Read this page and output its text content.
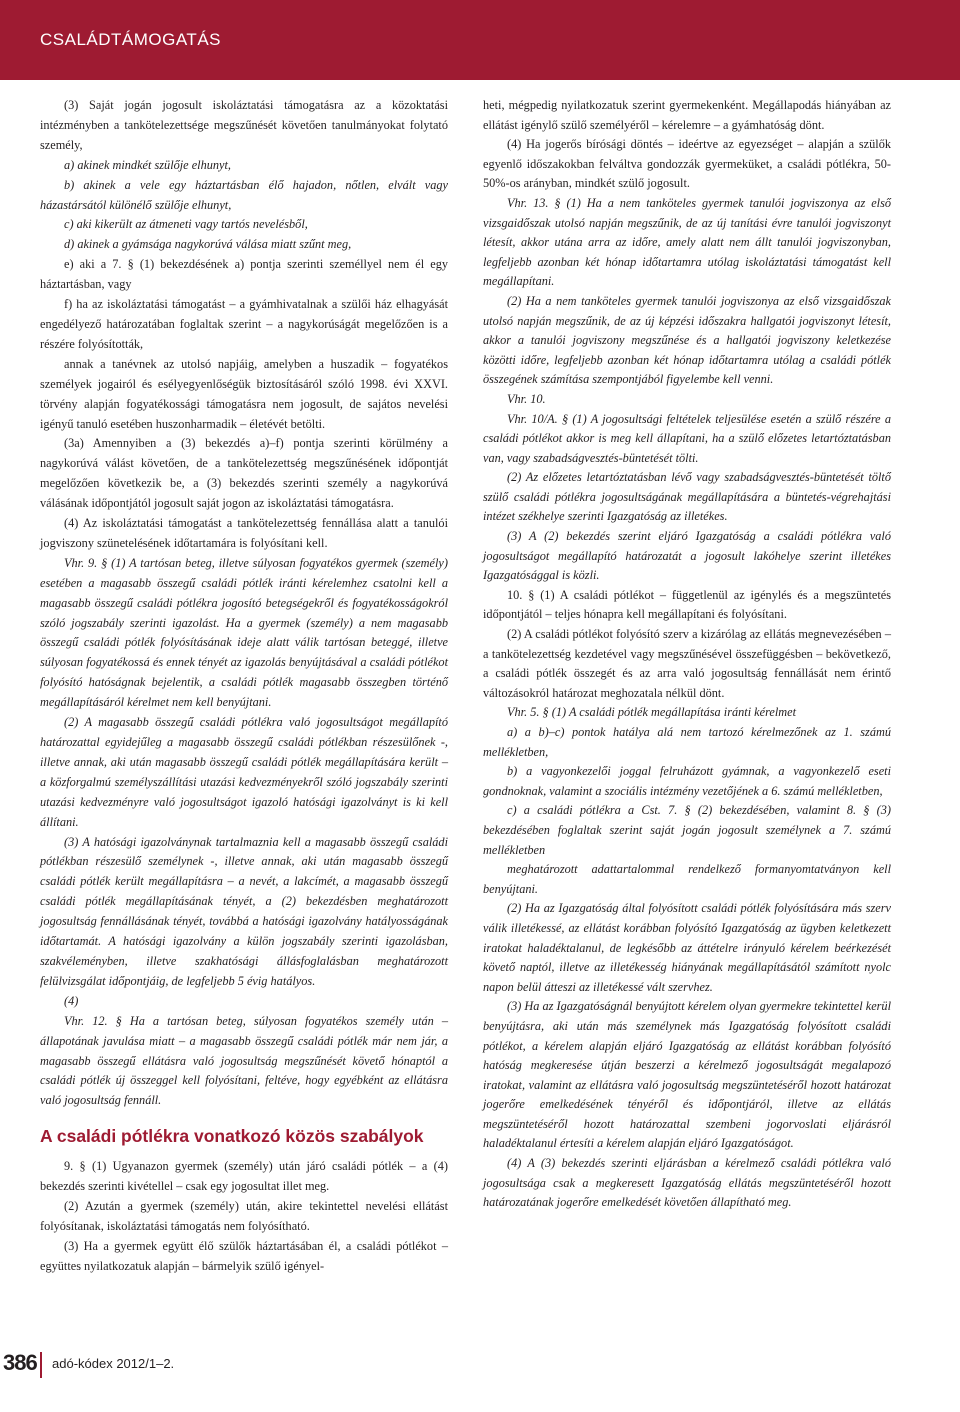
CSALÁDTÁMOGATÁS

(3) Saját jogán jogosult iskoláztatási támogatásra az a közoktatási intézményben a tankötelezettsége megszűnését követően tanulmányokat folytató személy,

a) akinek mindkét szülője elhunyt,

b) akinek a vele egy háztartásban élő hajadon, nőtlen, elvált vagy házastársától különélő szülője elhunyt,

c) aki kikerült az átmeneti vagy tartós nevelésből,

d) akinek a gyámsága nagykorúvá válása miatt szűnt meg,

e) aki a 7. § (1) bekezdésének a) pontja szerinti személlyel nem él egy háztartásban, vagy

f) ha az iskoláztatási támogatást – a gyámhivatalnak a szülői ház elhagyását engedélyező határozatában foglaltak szerint – a nagykorúságát megelőzően is a részére folyósították,

annak a tanévnek az utolsó napjáig, amelyben a huszadik – fogyatékos személyek jogairól és esélyegyenlőségük biztosításáról szóló 1998. évi XXVI. törvény alapján fogyatékossági támogatásra nem jogosult, de sajátos nevelési igényű tanuló esetében huszonharmadik – életévét betölti.

(3a) Amennyiben a (3) bekezdés a)–f) pontja szerinti körülmény a nagykorúvá válást követően, de a tankötelezettség megszűnésének időpontját megelőzően következik be, a (3) bekezdés szerinti személy a nagykorúvá válásának időpontjától jogosult saját jogon az iskoláztatási támogatásra.

(4) Az iskoláztatási támogatást a tankötelezettség fennállása alatt a tanulói jogviszony szünetelésének időtartamára is folyósítani kell.

Vhr. 9. § (1) A tartósan beteg, illetve súlyosan fogyatékos gyermek (személy) esetében a magasabb összegű családi pótlék iránti kérelemhez csatolni kell a magasabb összegű családi pótlékra jogosító betegségekről és fogyatékosságokról szóló jogszabály szerinti igazolást. Ha a gyermek (személy) a nem magasabb összegű családi pótlék folyósításának ideje alatt válik tartósan beteggé, illetve súlyosan fogyatékossá és ennek tényét az igazolás benyújtásával a családi pótlékot folyósító hatóságnak bejelentik, a családi pótlék magasabb összegben történő megállapításáról kérelmet nem kell benyújtani.

(2) A magasabb összegű családi pótlékra való jogosultságot megállapító határozattal egyidejűleg a magasabb összegű családi pótlékban részesülőnek -, illetve annak, aki után magasabb összegű családi pótlék megállapítására került – a közforgalmú személyszállítási utazási kedvezményekről szóló jogszabály szerinti utazási kedvezményre való jogosultságot igazoló hatósági igazolványt is ki kell állítani.

(3) A hatósági igazolványnak tartalmaznia kell a magasabb összegű családi pótlékban részesülő személynek -, illetve annak, aki után magasabb összegű családi pótlék került megállapításra – a nevét, a lakcímét, a magasabb összegű családi pótlék megállapításának tényét, a (2) bekezdésben meghatározott jogosultság fennállásának tényét, továbbá a hatósági igazolvány hatályosságának időtartamát. A hatósági igazolvány a külön jogszabály szerinti igazolásban, szakvéleményben, illetve szakhatósági állásfoglalásban meghatározott felülvizsgálat időpontjáig, de legfeljebb 5 évig hatályos.

(4)

Vhr. 12. § Ha a tartósan beteg, súlyosan fogyatékos személy után – állapotának javulása miatt – a magasabb összegű családi pótlék már nem jár, a magasabb összegű ellátásra való jogosultság megszűnését követő hónaptól a családi pótlék új összeggel kell folyósítani, feltéve, hogy egyébként az ellátásra való jogosultság fennáll.

A családi pótlékra vonatkozó közös szabályok

9. § (1) Ugyanazon gyermek (személy) után járó családi pótlék – a (4) bekezdés szerinti kivétellel – csak egy jogosultat illet meg.

(2) Azután a gyermek (személy) után, akire tekintettel nevelési ellátást folyósítanak, iskoláztatási támogatás nem folyósítható.

(3) Ha a gyermek együtt élő szülők háztartásában él, a családi pótlékot – együttes nyilatkozatuk alapján – bármelyik szülő igényel-

heti, mégpedig nyilatkozatuk szerint gyermekenként. Megállapodás hiányában az ellátást igénylő szülő személyéről – kérelemre – a gyámhatóság dönt.

(4) Ha jogerős bírósági döntés – ideértve az egyezséget – alapján a szülők egyenlő időszakokban felváltva gondozzák gyermeküket, a családi pótlékra, 50-50%-os arányban, mindkét szülő jogosult.

Vhr. 13. § (1) Ha a nem tanköteles gyermek tanulói jogviszonya az első vizsgaidőszak utolsó napján megszűnik, de az új tanítási évre tanulói jogviszonyt létesít, akkor utána arra az időre, amely alatt nem állt tanulói jogviszonyban, legfeljebb azonban két hónap időtartamra utólag iskoláztatási támogatást kell megállapítani.

(2) Ha a nem tanköteles gyermek tanulói jogviszonya az első vizsgaidőszak utolsó napján megszűnik, de az új képzési időszakra hallgatói jogviszonyt létesít, akkor a tanulói jogviszony megszűnése és a hallgatói jogviszony keletkezése közötti időre, legfeljebb azonban két hónap időtartamra utólag a családi pótlék összegének számítása szempontjából figyelembe kell venni.

Vhr. 10.

Vhr. 10/A. § (1) A jogosultsági feltételek teljesülése esetén a szülő részére a családi pótlékot akkor is meg kell állapítani, ha a szülő előzetes letartóztatásban van, vagy szabadságvesztés-büntetését tölti.

(2) Az előzetes letartóztatásban lévő vagy szabadságvesztés-büntetését töltő szülő családi pótlékra jogosultságának megállapítására a büntetés-végrehajtási intézet székhelye szerinti Igazgatóság az illetékes.

(3) A (2) bekezdés szerint eljáró Igazgatóság a családi pótlékra való jogosultságot megállapító határozatát a jogosult lakóhelye szerint illetékes Igazgatósággal is közli.

10. § (1) A családi pótlékot – függetlenül az igénylés és a megszüntetés időpontjától – teljes hónapra kell megállapítani és folyósítani.

(2) A családi pótlékot folyósító szerv a kizárólag az ellátás megnevezésében – a tankötelezettség kezdetével vagy megszűnésével összefüggésben – bekövetkező, a családi pótlék összegét és az arra való jogosultság fennállását nem érintő változásokról határozat meghozatala nélkül dönt.

Vhr. 5. § (1) A családi pótlék megállapítása iránti kérelmet

a) a b)–c) pontok hatálya alá nem tartozó kérelmezőnek az 1. számú mellékletben,

b) a vagyonkezelői joggal felruházott gyámnak, a vagyonkezelő eseti gondnoknak, valamint a szociális intézmény vezetőjének a 6. számú mellékletben,

c) a családi pótlékra a Cst. 7. § (2) bekezdésében, valamint 8. § (3) bekezdésében foglaltak szerint saját jogán jogosult személynek a 7. számú mellékletben

meghatározott adattartalommal rendelkező formanyomtatványon kell benyújtani.

(2) Ha az Igazgatóság által folyósított családi pótlék folyósítására más szerv válik illetékessé, az ellátást korábban folyósító Igazgatóság az ügyben keletkezett iratokat haladéktalanul, de legkésőbb az áttételre irányuló kérelem beérkezését követő naptól, illetve az illetékesség hiányának megállapításától számított nyolc napon belül átteszi az illetékessé vált szervhez.

(3) Ha az Igazgatóságnál benyújtott kérelem olyan gyermekre tekintettel kerül benyújtásra, aki után más személynek más Igazgatóság folyósított családi pótlékot, a kérelem alapján eljáró Igazgatóság az ellátást korábban folyósító hatóság megkeresése útján beszerzi a kérelmező jogosultságát megalapozó iratokat, valamint az ellátásra való jogosultság megszüntetéséről hozott határozat jogerőre emelkedésének tényéről és időpontjáról, illetve az ellátás megszüntetéséről hozott határozattal szembeni jogorvoslati eljárásról haladéktalanul értesíti a kérelem alapján eljáró Igazgatóságot.

(4) A (3) bekezdés szerinti eljárásban a kérelmező családi pótlékra való jogosultsága csak a megkeresett Igazgatóság ellátás megszüntetéséről hozott határozatának jogerőre emelkedését követően állapítható meg.

386 adó-kódex 2012/1–2.
